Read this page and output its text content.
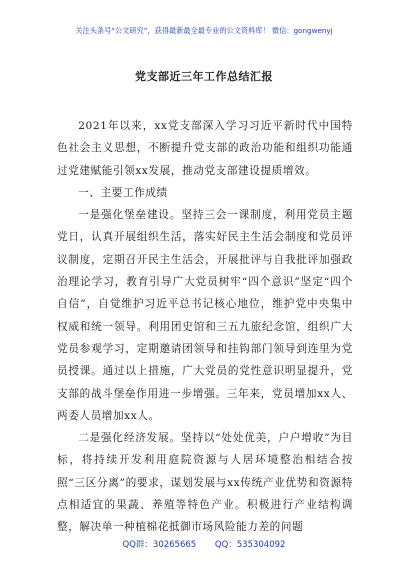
关注头条号“公文研究”，获得最新最全最专业的公文资料库！ 微信：gongwenyj
党支部近三年工作总结汇报

2021年以来，xx党支部深入学习习近平新时代中国特色社会主义思想，不断提升党支部的政治功能和组织功能通过党建赋能引领xx发展，推动党支部建设提质增效。

一、主要工作成绩

一是强化堡垒建设。坚持三会一课制度，利用党员主题党日，认真开展组织生活，落实好民主生活会制度和党员评议制度，定期召开民主生活会，开展批评与自我批评加强政治理论学习，教育引导广大党员树牢“四个意识”坚定“四个自信”，自觉维护习近平总书记核心地位，维护党中央集中权威和统一领导。利用团史馆和三五九旅纪念馆，组织广大党员参观学习，定期邀请团领导和挂钩部门领导到连里为党员授课。通过以上措施，广大党员的党性意识明显提升，党支部的战斗堡垒作用进一步增强。三年来，党员增加xx人、两委人员增加xx人。

二是强化经济发展。坚持以“处处优美，户户增收”为目标，将持续开发利用庭院资源与人居环境整治相结合按照“三区分离”的要求，谋划发展与xx传统产业优势和资源特点相适宜的果蔬、养殖等特色产业。积极进行产业结构调整，解决单一种植棉花抵御市场风险能力差的问题

QQ群：30265665 QQ：535304092
